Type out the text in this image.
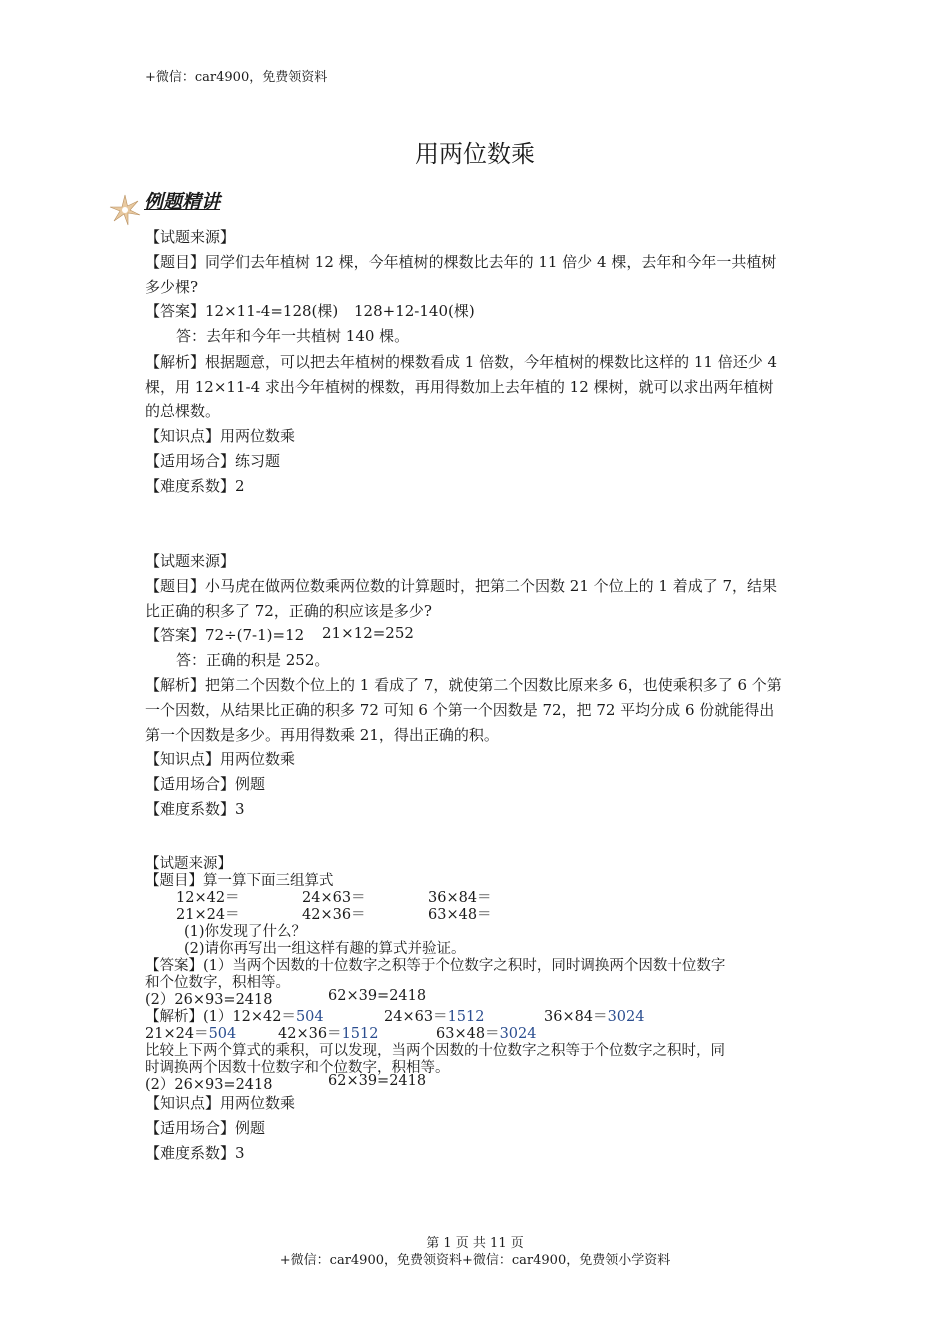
+微信：car4900，免费领资料
用两位数乘
例题精讲
【试题来源】
【题目】同学们去年植树 12 棵，今年植树的棵数比去年的 11 倍少 4 棵，去年和今年一共植树
多少棵?
【答案】12×11-4=128(棵) 128+12-140(棵)
答：去年和今年一共植树 140 棵。
【解析】根据题意，可以把去年植树的棵数看成 1 倍数，今年植树的棵数比这样的 11 倍还少 4
棵，用 12×11-4 求出今年植树的棵数，再用得数加上去年植的 12 棵树，就可以求出两年植树
的总棵数。
【知识点】用两位数乘
【适用场合】练习题
【难度系数】2
【试题来源】
【题目】小马虎在做两位数乘两位数的计算题时，把第二个因数 21 个位上的 1 着成了 7，结果
比正确的积多了 72，正确的积应该是多少?
【答案】72÷(7-1)=12 21×12=252
答：正确的积是 252。
【解析】把第二个因数个位上的 1 看成了 7，就使第二个因数比原来多 6，也使乘积多了 6 个第
一个因数，从结果比正确的积多 72 可知 6 个第一个因数是 72，把 72 平均分成 6 份就能得出
第一个因数是多少。再用得数乘 21，得出正确的积。
【知识点】用两位数乘
【适用场合】例题
【难度系数】3
【试题来源】
【题目】算一算下面三组算式
12×42＝	24×63＝	36×84＝
21×24＝	42×36＝	63×48＝
(1)你发现了什么？
(2)请你再写出一组这样有趣的算式并验证。
【答案】(1）当两个因数的十位数字之积等于个位数字之积时，同时调换两个因数十位数字
和个位数字，积相等。
(2）26×93=2418	62×39=2418
【解析】(1）12×42＝504	24×63＝1512	36×84＝3024
21×24＝504	42×36＝1512	63×48＝3024
比较上下两个算式的乘积，可以发现，当两个因数的十位数字之积等于个位数字之积时，同
时调换两个因数十位数字和个位数字，积相等。
(2）26×93=2418	62×39=2418
【知识点】用两位数乘
【适用场合】例题
【难度系数】3
第 1 页 共 11 页
+微信：car4900，免费领资料+微信：car4900，免费领小学资料
